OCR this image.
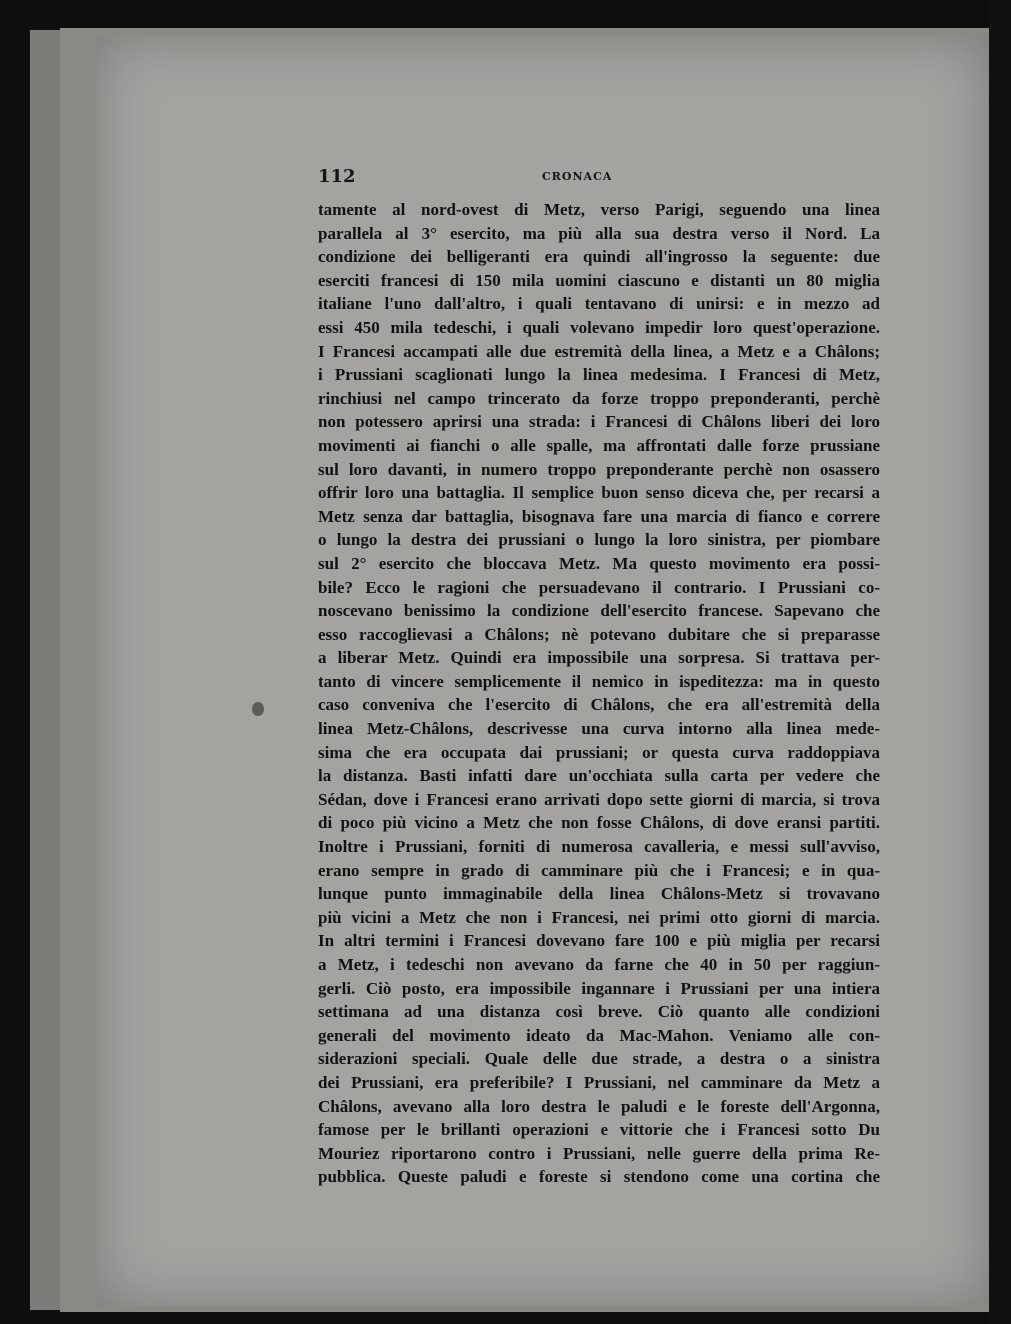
112	CRONACA
tamente al nord-ovest di Metz, verso Parigi, seguendo una linea
parallela al 3° esercito, ma più alla sua destra verso il Nord. La
condizione dei belligeranti era quindi all'ingrosso la seguente: due
eserciti francesi di 150 mila uomini ciascuno e distanti un 80 miglia
italiane l'uno dall'altro, i quali tentavano di unirsi: e in mezzo ad
essi 450 mila tedeschi, i quali volevano impedir loro quest'operazione.
I Francesi accampati alle due estremità della linea, a Metz e a Châlons;
i Prussiani scaglionati lungo la linea medesima. I Francesi di Metz,
rinchiusi nel campo trincerato da forze troppo preponderanti, perchè
non potessero aprirsi una strada: i Francesi di Châlons liberi dei loro
movimenti ai fianchi o alle spalle, ma affrontati dalle forze prussiane
sul loro davanti, in numero troppo preponderante perchè non osassero
offrir loro una battaglia. Il semplice buon senso diceva che, per recarsi a
Metz senza dar battaglia, bisognava fare una marcia di fianco e correre
o lungo la destra dei prussiani o lungo la loro sinistra, per piombare
sul 2° esercito che bloccava Metz. Ma questo movimento era possi-
bile? Ecco le ragioni che persuadevano il contrario. I Prussiani co-
noscevano benissimo la condizione dell'esercito francese. Sapevano che
esso raccoglievasi a Châlons; nè potevano dubitare che si preparasse
a liberar Metz. Quindi era impossibile una sorpresa. Si trattava per-
tanto di vincere semplicemente il nemico in ispeditezza: ma in questo
caso conveniva che l'esercito di Châlons, che era all'estremità della
linea Metz-Châlons, descrivesse una curva intorno alla linea mede-
sima che era occupata dai prussiani; or questa curva raddoppiava
la distanza. Basti infatti dare un'occhiata sulla carta per vedere che
Sédan, dove i Francesi erano arrivati dopo sette giorni di marcia, si trova
di poco più vicino a Metz che non fosse Châlons, di dove eransi partiti.
Inoltre i Prussiani, forniti di numerosa cavalleria, e messi sull'avviso,
erano sempre in grado di camminare più che i Francesi; e in qua-
lunque punto immaginabile della linea Châlons-Metz si trovavano
più vicini a Metz che non i Francesi, nei primi otto giorni di marcia.
In altri termini i Francesi dovevano fare 100 e più miglia per recarsi
a Metz, i tedeschi non avevano da farne che 40 in 50 per raggiun-
gerli. Ciò posto, era impossibile ingannare i Prussiani per una intiera
settimana ad una distanza così breve. Ciò quanto alle condizioni
generali del movimento ideato da Mac-Mahon. Veniamo alle con-
siderazioni speciali. Quale delle due strade, a destra o a sinistra
dei Prussiani, era preferibile? I Prussiani, nel camminare da Metz a
Châlons, avevano alla loro destra le paludi e le foreste dell'Argonna,
famose per le brillanti operazioni e vittorie che i Francesi sotto Du
Mouriez riportarono contro i Prussiani, nelle guerre della prima Re-
pubblica. Queste paludi e foreste si stendono come una cortina che
